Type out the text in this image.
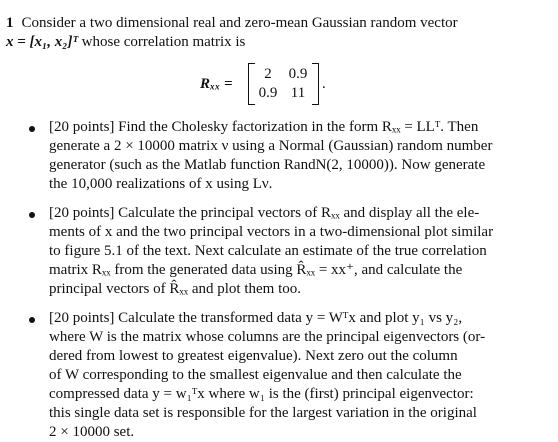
1 Consider a two dimensional real and zero-mean Gaussian random vector
x = [x₁, x₂]ᵀ whose correlation matrix is
Rₓₓ =
2	0.9
0.9 11
.
[20 points] Find the Cholesky factorization in the form Rₓₓ = LLᵀ. Then
generate a 2 × 10000 matrix ν using a Normal (Gaussian) random number
generator (such as the Matlab function RandN(2, 10000)). Now generate
the 10,000 realizations of x using Lν.
[20 points] Calculate the principal vectors of Rₓₓ and display all the ele-
ments of x and the two principal vectors in a two-dimensional plot similar
to figure 5.1 of the text. Next calculate an estimate of the true correlation
matrix Rₓₓ from the generated data using R̂ₓₓ = xx⁺, and calculate the
principal vectors of R̂ₓₓ and plot them too.
[20 points] Calculate the transformed data y = Wᵀx and plot y₁ vs y₂,
where W is the matrix whose columns are the principal eigenvectors (or-
dered from lowest to greatest eigenvalue). Next zero out the column
of W corresponding to the smallest eigenvalue and then calculate the
compressed data y = w₁ᵀx where w₁ is the (first) principal eigenvector:
this single data set is responsible for the largest variation in the original
2 × 10000 set.
